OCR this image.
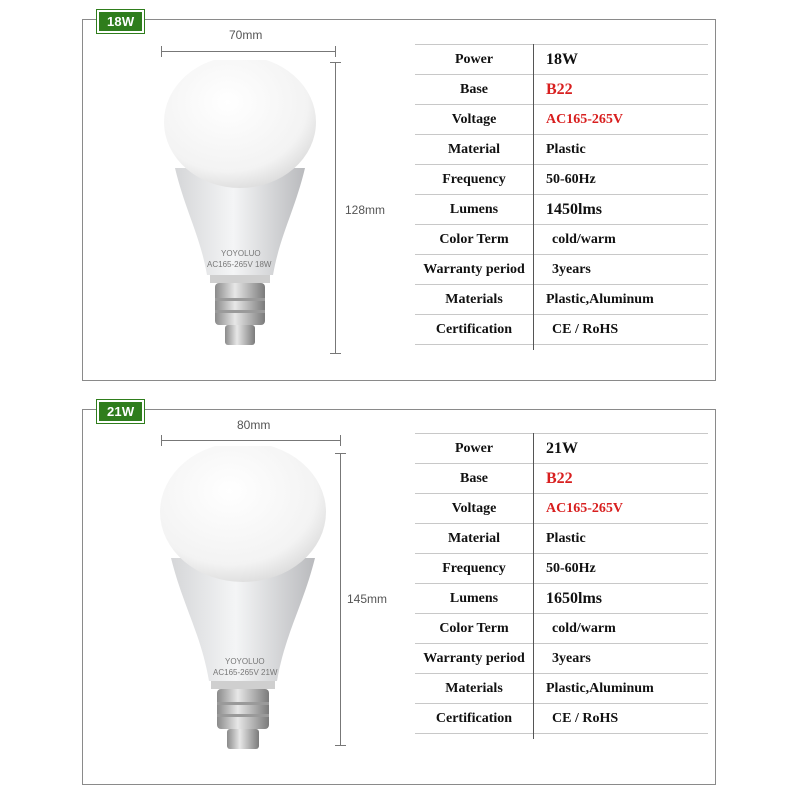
18W
70mm
128mm
YOYOLUO
AC165-265V 18W
Power	18W
Base	B22
Voltage	AC165-265V
Material	Plastic
Frequency	50-60Hz
Lumens	1450lms
Color Term	cold/warm
Warranty period	3years
Materials	Plastic,Aluminum
Certification	CE / RoHS
21W
80mm
145mm
YOYOLUO
AC165-265V 21W
Power	21W
Base	B22
Voltage	AC165-265V
Material	Plastic
Frequency	50-60Hz
Lumens	1650lms
Color Term	cold/warm
Warranty period	3years
Materials	Plastic,Aluminum
Certification	CE / RoHS
